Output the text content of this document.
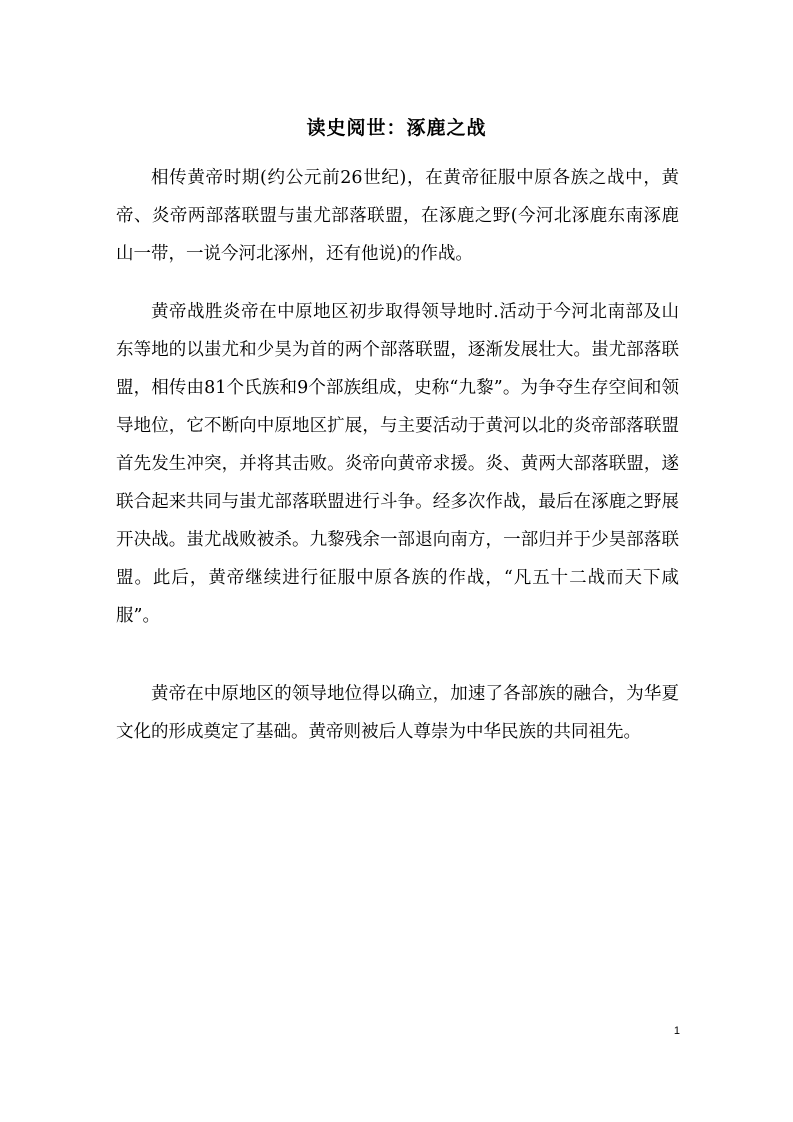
读史阅世：涿鹿之战

相传黄帝时期(约公元前26世纪)，在黄帝征服中原各族之战中，黄帝、炎帝两部落联盟与蚩尤部落联盟，在涿鹿之野(今河北涿鹿东南涿鹿山一带，一说今河北涿州，还有他说)的作战。

黄帝战胜炎帝在中原地区初步取得领导地时.活动于今河北南部及山东等地的以蚩尤和少昊为首的两个部落联盟，逐渐发展壮大。蚩尤部落联盟，相传由81个氏族和9个部族组成，史称“九黎”。为争夺生存空间和领导地位，它不断向中原地区扩展，与主要活动于黄河以北的炎帝部落联盟首先发生冲突，并将其击败。炎帝向黄帝求援。炎、黄两大部落联盟，遂联合起来共同与蚩尤部落联盟进行斗争。经多次作战，最后在涿鹿之野展开决战。蚩尤战败被杀。九黎残余一部退向南方，一部归并于少昊部落联盟。此后，黄帝继续进行征服中原各族的作战，“凡五十二战而天下咸服”。

黄帝在中原地区的领导地位得以确立，加速了各部族的融合，为华夏文化的形成奠定了基础。黄帝则被后人尊崇为中华民族的共同祖先。

1
